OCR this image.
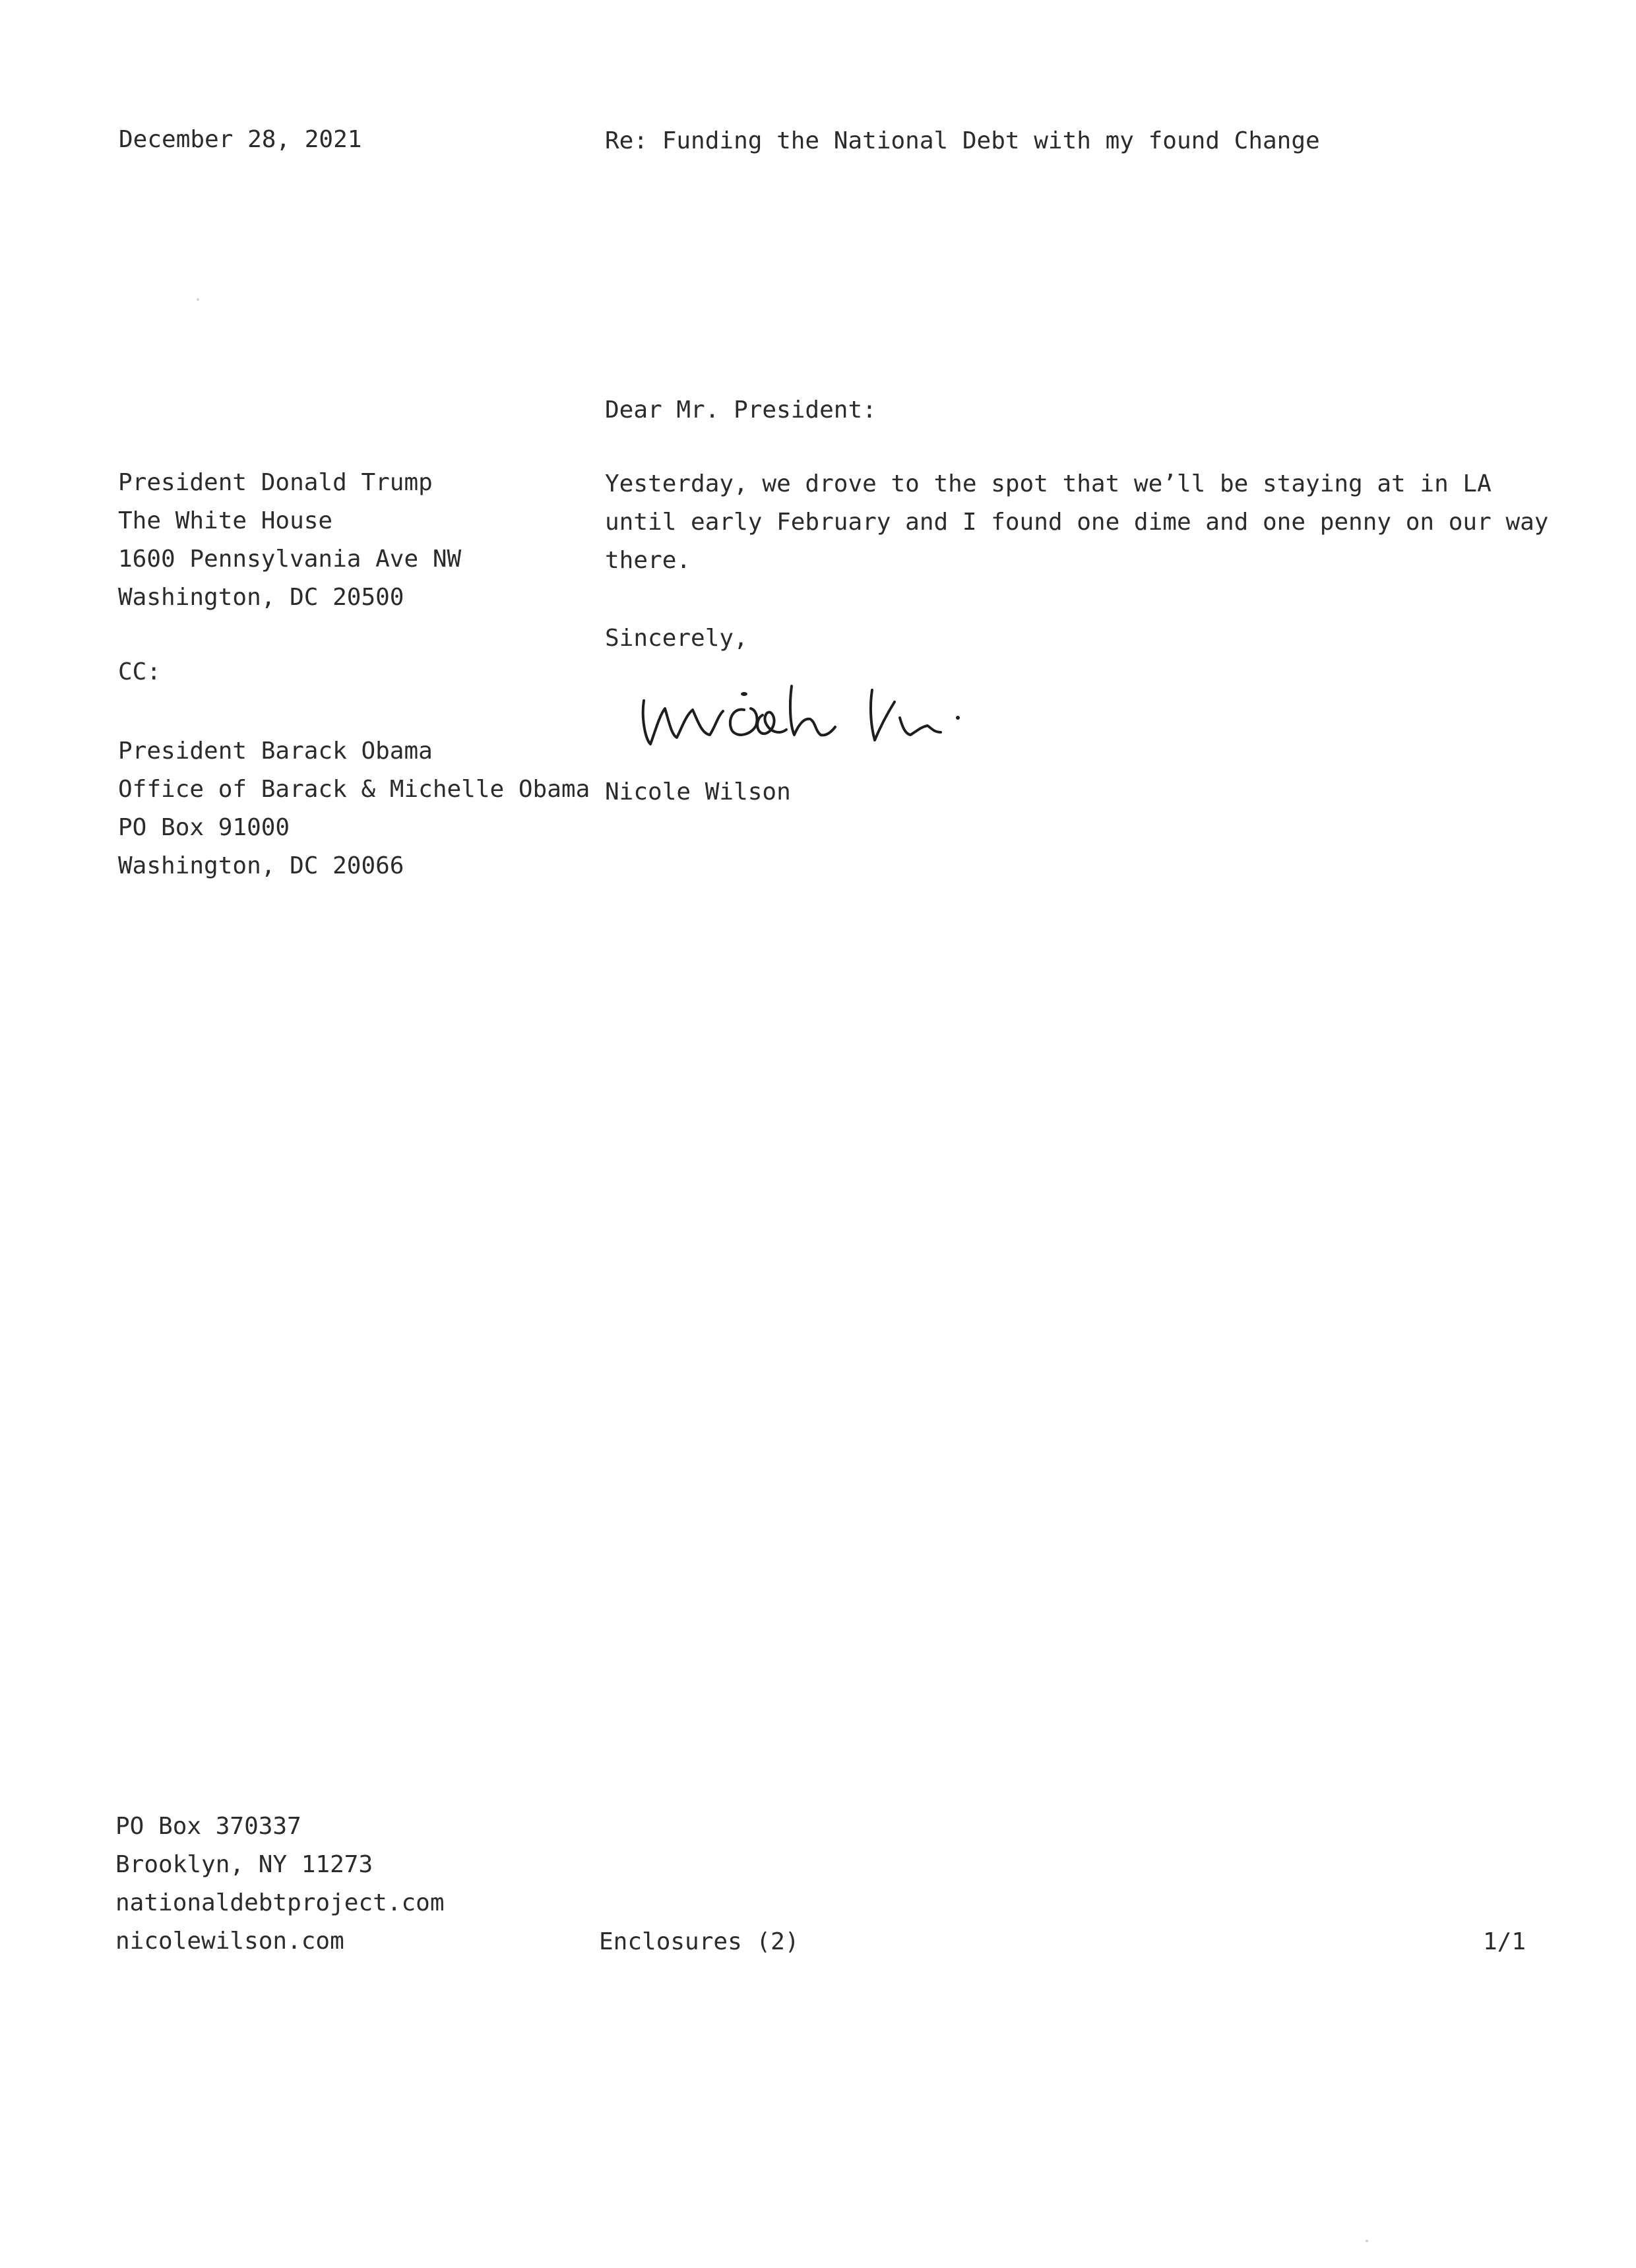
December 28, 2021	Re: Funding the National Debt with my found Change
Dear Mr. President:
President Donald Trump
The White House
1600 Pennsylvania Ave NW
Washington, DC 20500
CC:
President Barack Obama
Office of Barack & Michelle Obama
PO Box 91000
Washington, DC 20066
Yesterday, we drove to the spot that we’ll be staying at in LA
until early February and I found one dime and one penny on our way
there.
Sincerely,
Nicole Wilson
PO Box 370337
Brooklyn, NY 11273
nationaldebtproject.com
nicolewilson.com	Enclosures (2)	1/1
